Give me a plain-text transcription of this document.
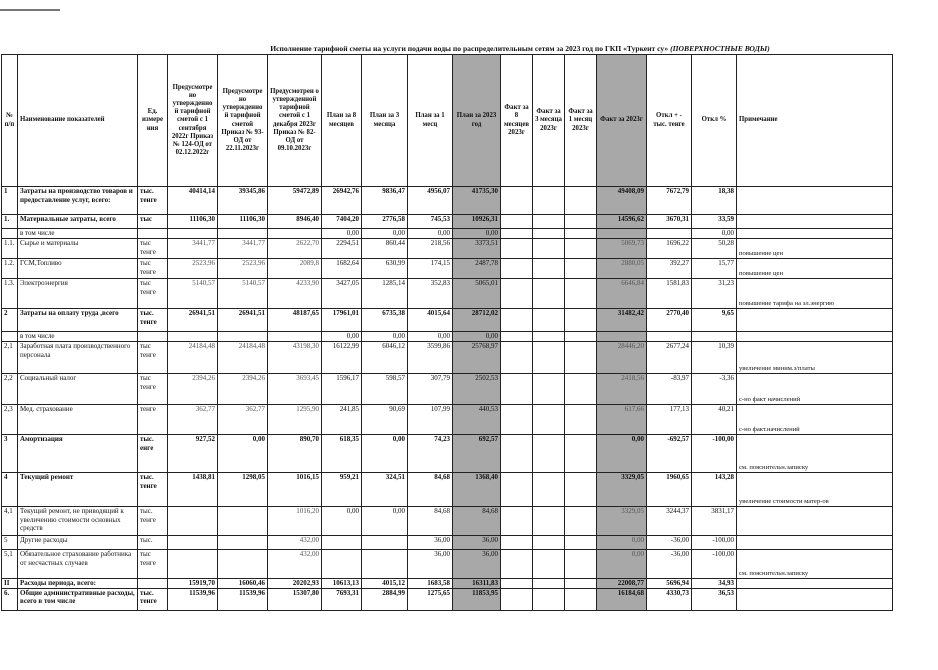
Исполнение тарифной сметы на услуги подачи воды по распределительным сетям за 2023 год по ГКП «Туркент су» (ПОВЕРХНОСТНЫЕ ВОДЫ)
№ п/п	Наименование показателей	Ед. измере ния	Предусмотре но утвержденно й тарифной сметой с 1 сентября 2022г Приказ № 124-ОД от 02.12.2022г	Предусмотре но утвержденно й тарифной сметой Приказ № 93-ОД от 22.11.2023г	Предусмотрен о утвержденной тарифной сметой с 1 декабря 2023г Приказ № 82-ОД от 09.10.2023г	План за 8 месяцев	План за 3 месяца	План за 1 месц	План за 2023 год	Факт за 8 месяцев 2023г	Факт за 3 месяца 2023г	Факт за 1 месяц 2023г	Факт за 2023г	Откл + - тыс. тенге	Откл %	Примечание
1	Затраты на производство товаров и предоставление услуг, всего:	тыс. тенге	40414,14	39345,86	59472,89	26942,76	9836,47	4956,07	41735,30				49408,09	7672,79	18,38	
1.	Материальные затраты, всего	тыс	11106,30	11106,30	8946,40	7404,20	2776,58	745,53	10926,31				14596,62	3670,31	33,59	
	в том числе					0,00	0,00	0,00	0,00						0,00	
1.1.	Сырье и материалы	тыс тенге	3441,77	3441,77	2622,70	2294,51	860,44	218,56	3373,51				5069,73	1696,22	50,28	повышение цен
1.2.	ГСМ,Топливо	тыс тенге	2523,96	2523,96	2089,8	1682,64	630,99	174,15	2487,78				2880,05	392,27	15,77	повышение цен
1.3.	Электроэнергия	тыс тенге	5140,57	5140,57	4233,90	3427,05	1285,14	352,83	5065,01				6646,84	1581,83	31,23	повышение тарифа на эл.энергию
2	Затраты на оплату труда ,всего	тыс. тенге	26941,51	26941,51	48187,65	17961,01	6735,38	4015,64	28712,02				31482,42	2770,40	9,65	
	в том числе					0,00	0,00	0,00	0,00							
2,1	Заработная плата производственного персонала	тыс тенге	24184,48	24184,48	43198,30	16122,99	6046,12	3599,86	25768,97				28446,20	2677,24	10,39	увеличение миним.з/платы
2,2	Социальный налог	тыс тенге	2394,26	2394,26	3693,45	1596,17	598,57	307,79	2502,53				2418,56	-83,97	-3,36	с-но факт начислений
2,3	Мед. страхование	тенге	362,77	362,77	1295,90	241,85	90,69	107,99	440,53				617,66	177,13	40,21	с-но факт.начислений
3	Амортизация	тыс. енге	927,52	0,00	890,70	618,35	0,00	74,23	692,57				0,00	-692,57	-100,00	см. пояснительн.записку
4	Текущий ремонт	тыс. тенге	1438,81	1298,05	1016,15	959,21	324,51	84,68	1368,40				3329,05	1960,65	143,28	увеличение стоимости матер-ов
4,1	Текущий ремонт, не приводящий к увеличению стоимости основных средств	тыс. тенге			1016,20	0,00	0,00	84,68	84,68				3329,05	3244,37	3831,17	
5	Другие расходы	тыс.			432,00			36,00	36,00				0,00	-36,00	-100,00	
5,1	Обязательное страхование работника от несчастных случаев	тыс тенге			432,00			36,00	36,00				0,00	-36,00	-100,00	см. пояснительн.записку
II	Расходы периода, всего:		15919,70	16060,46	20202,93	10613,13	4015,12	1683,58	16311,83				22008,77	5696,94	34,93	
6.	Общие административные расходы, всего в том числе	тыс. тенге	11539,96	11539,96	15307,80	7693,31	2884,99	1275,65	11853,95				16184,68	4330,73	36,53	
